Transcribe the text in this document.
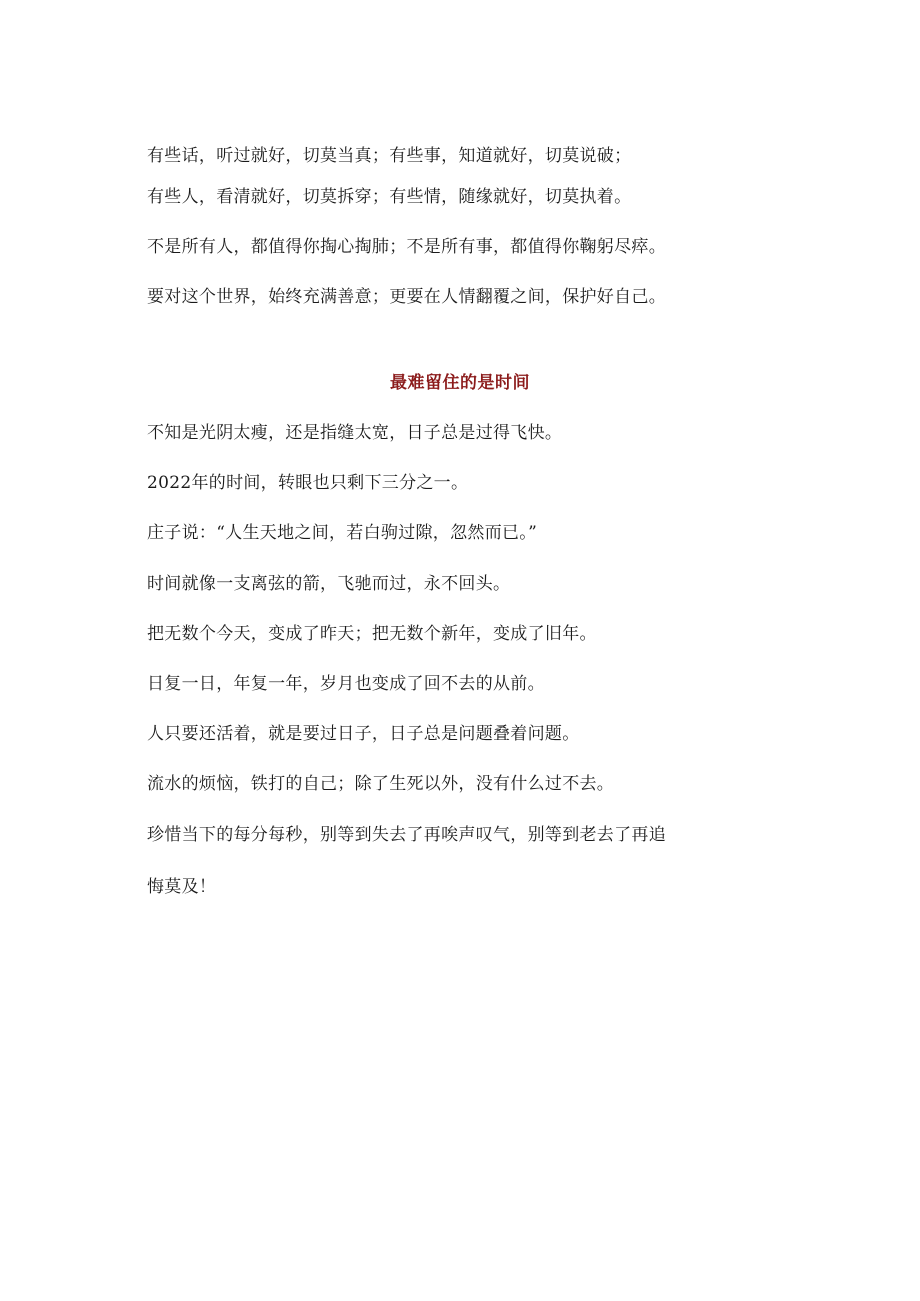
有些话，听过就好，切莫当真；有些事，知道就好，切莫说破；
有些人，看清就好，切莫拆穿；有些情，随缘就好，切莫执着。
不是所有人，都值得你掏心掏肺；不是所有事，都值得你鞠躬尽瘁。
要对这个世界，始终充满善意；更要在人情翻覆之间，保护好自己。
最难留住的是时间
不知是光阴太瘦，还是指缝太宽，日子总是过得飞快。
2022年的时间，转眼也只剩下三分之一。
庄子说：“人生天地之间，若白驹过隙，忽然而已。”
时间就像一支离弦的箭，飞驰而过，永不回头。
把无数个今天，变成了昨天；把无数个新年，变成了旧年。
日复一日，年复一年，岁月也变成了回不去的从前。
人只要还活着，就是要过日子，日子总是问题叠着问题。
流水的烦恼，铁打的自己；除了生死以外，没有什么过不去。
珍惜当下的每分每秒，别等到失去了再唉声叹气，别等到老去了再追
悔莫及！
